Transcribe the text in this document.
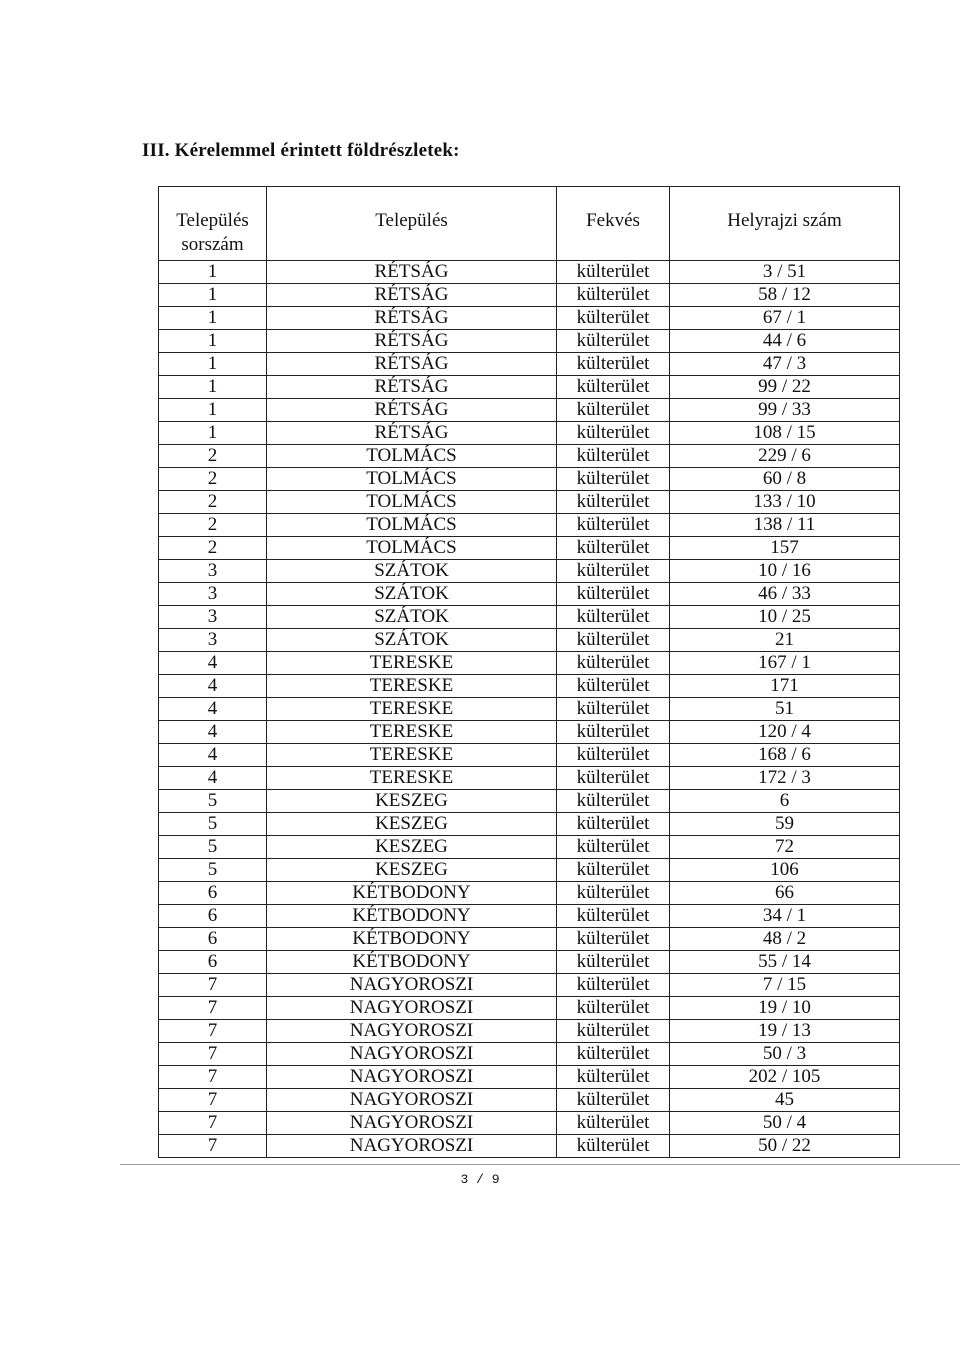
III. Kérelemmel érintett földrészletek:
Település
sorszám	Település	Fekvés	Helyrajzi szám
1	RÉTSÁG	külterület	3 / 51
1	RÉTSÁG	külterület	58 / 12
1	RÉTSÁG	külterület	67 / 1
1	RÉTSÁG	külterület	44 / 6
1	RÉTSÁG	külterület	47 / 3
1	RÉTSÁG	külterület	99 / 22
1	RÉTSÁG	külterület	99 / 33
1	RÉTSÁG	külterület	108 / 15
2	TOLMÁCS	külterület	229 / 6
2	TOLMÁCS	külterület	60 / 8
2	TOLMÁCS	külterület	133 / 10
2	TOLMÁCS	külterület	138 / 11
2	TOLMÁCS	külterület	157
3	SZÁTOK	külterület	10 / 16
3	SZÁTOK	külterület	46 / 33
3	SZÁTOK	külterület	10 / 25
3	SZÁTOK	külterület	21
4	TERESKE	külterület	167 / 1
4	TERESKE	külterület	171
4	TERESKE	külterület	51
4	TERESKE	külterület	120 / 4
4	TERESKE	külterület	168 / 6
4	TERESKE	külterület	172 / 3
5	KESZEG	külterület	6
5	KESZEG	külterület	59
5	KESZEG	külterület	72
5	KESZEG	külterület	106
6	KÉTBODONY	külterület	66
6	KÉTBODONY	külterület	34 / 1
6	KÉTBODONY	külterület	48 / 2
6	KÉTBODONY	külterület	55 / 14
7	NAGYOROSZI	külterület	7 / 15
7	NAGYOROSZI	külterület	19 / 10
7	NAGYOROSZI	külterület	19 / 13
7	NAGYOROSZI	külterület	50 / 3
7	NAGYOROSZI	külterület	202 / 105
7	NAGYOROSZI	külterület	45
7	NAGYOROSZI	külterület	50 / 4
7	NAGYOROSZI	külterület	50 / 22
3 / 9
